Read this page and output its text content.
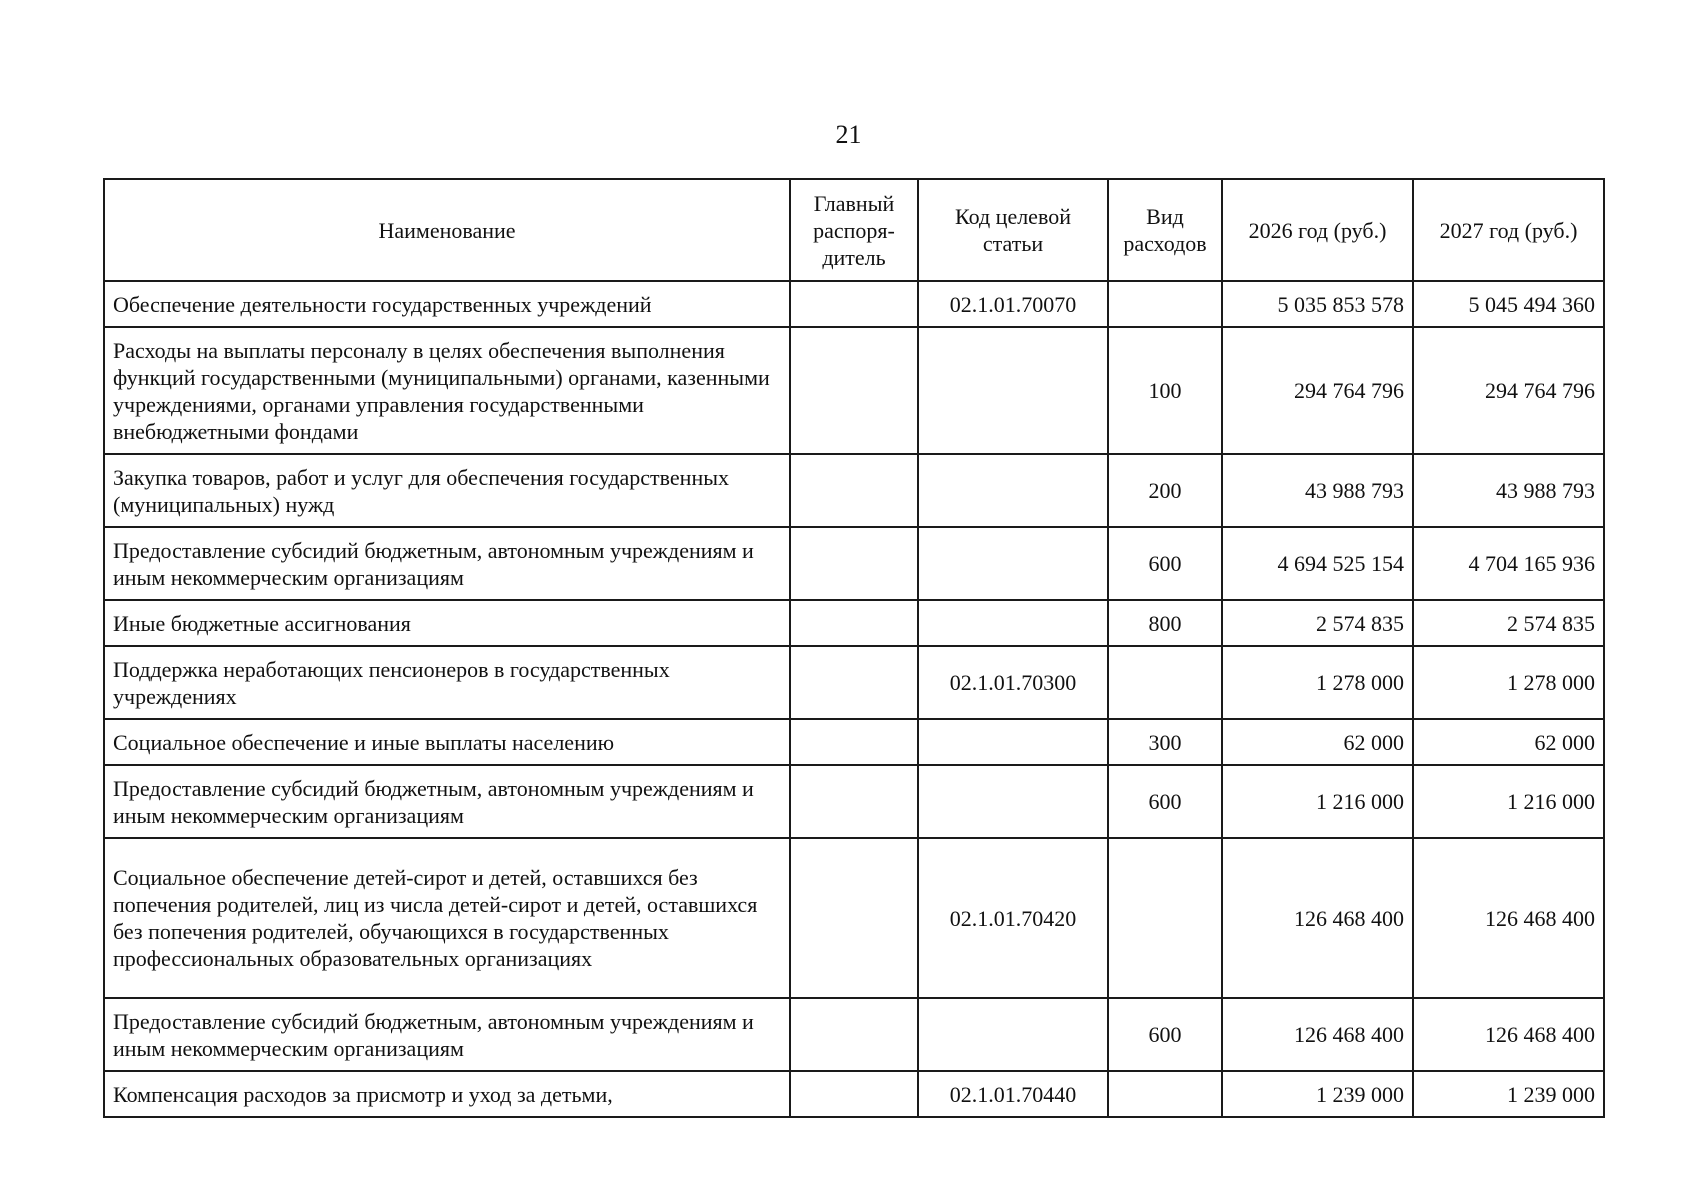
21
Наименование	Главный распоря-дитель	Код целевой статьи	Вид расходов	2026 год (руб.)	2027 год (руб.)
Обеспечение деятельности государственных учреждений		02.1.01.70070		5 035 853 578	5 045 494 360
Расходы на выплаты персоналу в целях обеспечения выполнения функций государственными (муниципальными) органами, казенными учреждениями, органами управления государственными внебюджетными фондами			100	294 764 796	294 764 796
Закупка товаров, работ и услуг для обеспечения государственных (муниципальных) нужд			200	43 988 793	43 988 793
Предоставление субсидий бюджетным, автономным учреждениям и иным некоммерческим организациям			600	4 694 525 154	4 704 165 936
Иные бюджетные ассигнования			800	2 574 835	2 574 835
Поддержка неработающих пенсионеров в государственных учреждениях		02.1.01.70300		1 278 000	1 278 000
Социальное обеспечение и иные выплаты населению			300	62 000	62 000
Предоставление субсидий бюджетным, автономным учреждениям и иным некоммерческим организациям			600	1 216 000	1 216 000
Социальное обеспечение детей-сирот и детей, оставшихся без попечения родителей, лиц из числа детей-сирот и детей, оставшихся без попечения родителей, обучающихся в государственных профессиональных образовательных организациях		02.1.01.70420		126 468 400	126 468 400
Предоставление субсидий бюджетным, автономным учреждениям и иным некоммерческим организациям			600	126 468 400	126 468 400
Компенсация расходов за присмотр и уход за детьми,		02.1.01.70440		1 239 000	1 239 000
